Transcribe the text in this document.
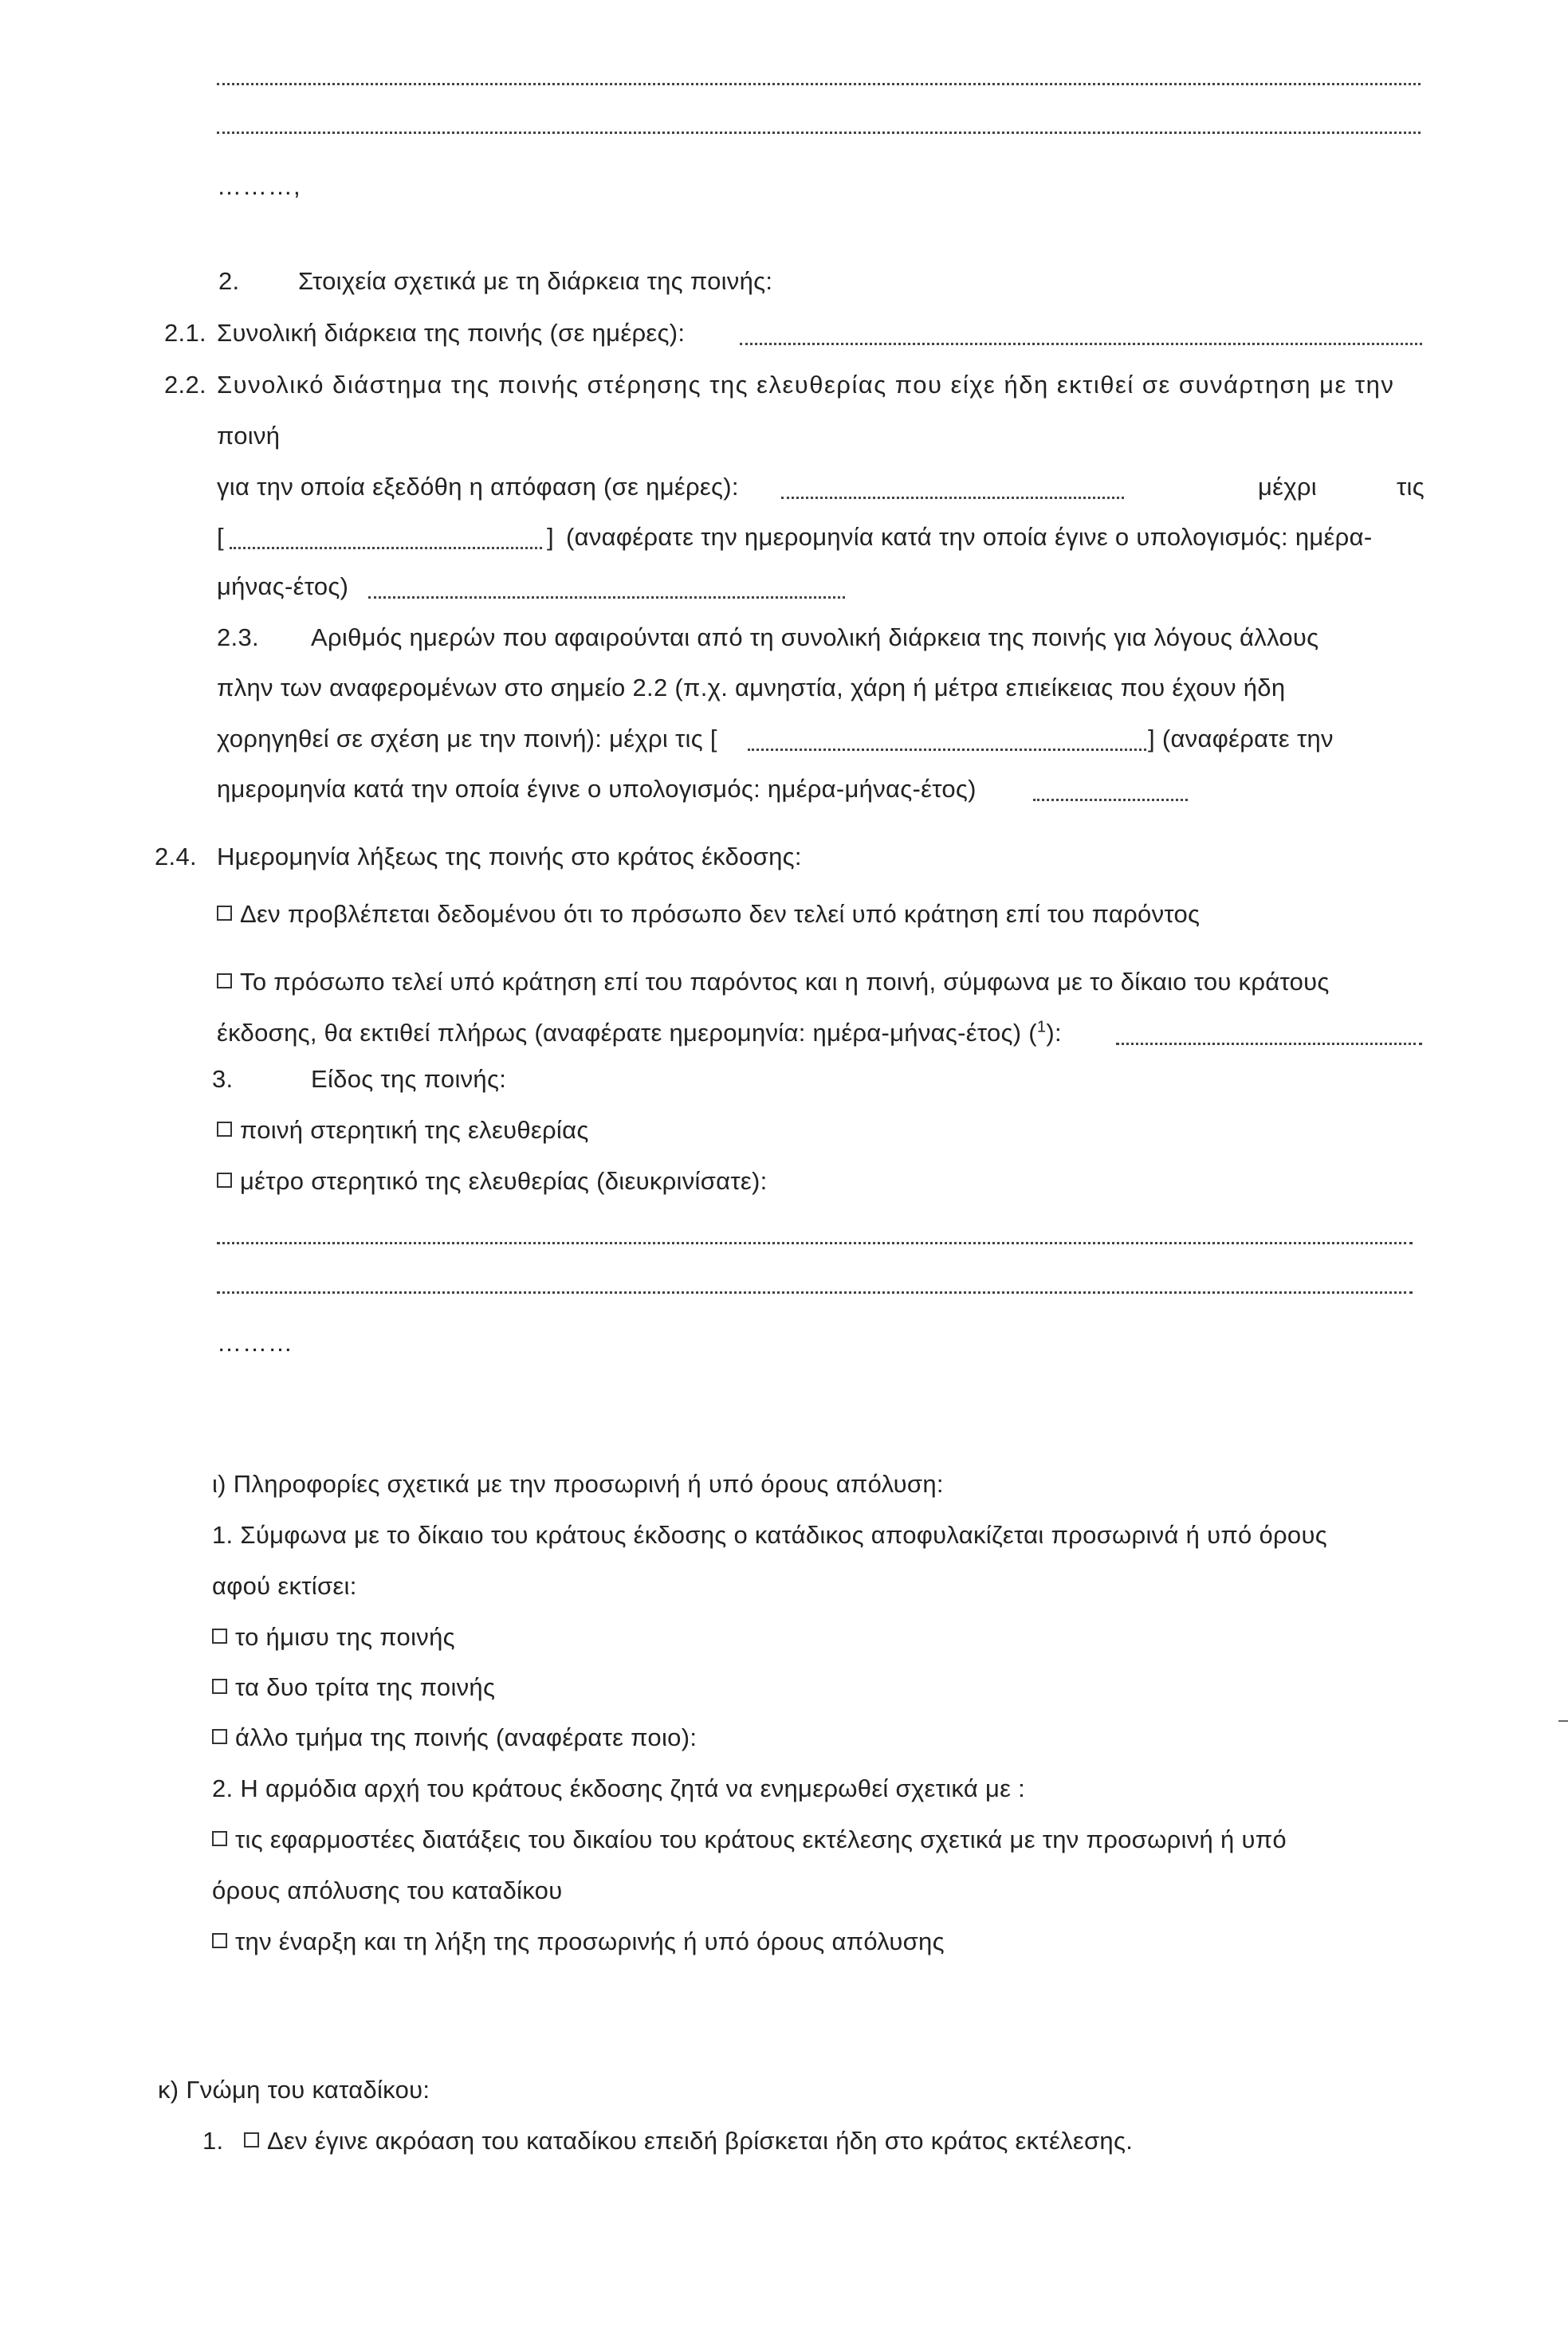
………,
2. Στοιχεία σχετικά με τη διάρκεια της ποινής:
2.1. Συνολική διάρκεια της ποινής (σε ημέρες):
2.2. Συνολικό διάστημα της ποινής στέρησης της ελευθερίας που είχε ήδη εκτιθεί σε συνάρτηση με την
ποινή
για την οποία εξεδόθη η απόφαση (σε ημέρες):	μέχρι	τις
[	] (αναφέρατε την ημερομηνία κατά την οποία έγινε ο υπολογισμός: ημέρα-
μήνας-έτος)
2.3. Αριθμός ημερών που αφαιρούνται από τη συνολική διάρκεια της ποινής για λόγους άλλους
πλην των αναφερομένων στο σημείο 2.2 (π.χ. αμνηστία, χάρη ή μέτρα επιείκειας που έχουν ήδη
χορηγηθεί σε σχέση με την ποινή): μέχρι τις [	] (αναφέρατε την
ημερομηνία κατά την οποία έγινε ο υπολογισμός: ημέρα-μήνας-έτος)
2.4. Ημερομηνία λήξεως της ποινής στο κράτος έκδοσης:
Δεν προβλέπεται δεδομένου ότι το πρόσωπο δεν τελεί υπό κράτηση επί του παρόντος
Το πρόσωπο τελεί υπό κράτηση επί του παρόντος και η ποινή, σύμφωνα με το δίκαιο του κράτους
έκδοσης, θα εκτιθεί πλήρως (αναφέρατε ημερομηνία: ημέρα-μήνας-έτος) ($^1$):
3.	Είδος της ποινής:
ποινή στερητική της ελευθερίας
μέτρο στερητικό της ελευθερίας (διευκρινίσατε):
………
ι) Πληροφορίες σχετικά με την προσωρινή ή υπό όρους απόλυση:
1. Σύμφωνα με το δίκαιο του κράτους έκδοσης ο κατάδικος αποφυλακίζεται προσωρινά ή υπό όρους
αφού εκτίσει:
το ήμισυ της ποινής
τα δυο τρίτα της ποινής
άλλο τμήμα της ποινής (αναφέρατε ποιο):
2. Η αρμόδια αρχή του κράτους έκδοσης ζητά να ενημερωθεί σχετικά με :
τις εφαρμοστέες διατάξεις του δικαίου του κράτους εκτέλεσης σχετικά με την προσωρινή ή υπό
όρους απόλυσης του καταδίκου
την έναρξη και τη λήξη της προσωρινής ή υπό όρους απόλυσης
κ) Γνώμη του καταδίκου:
1.	Δεν έγινε ακρόαση του καταδίκου επειδή βρίσκεται ήδη στο κράτος εκτέλεσης.
